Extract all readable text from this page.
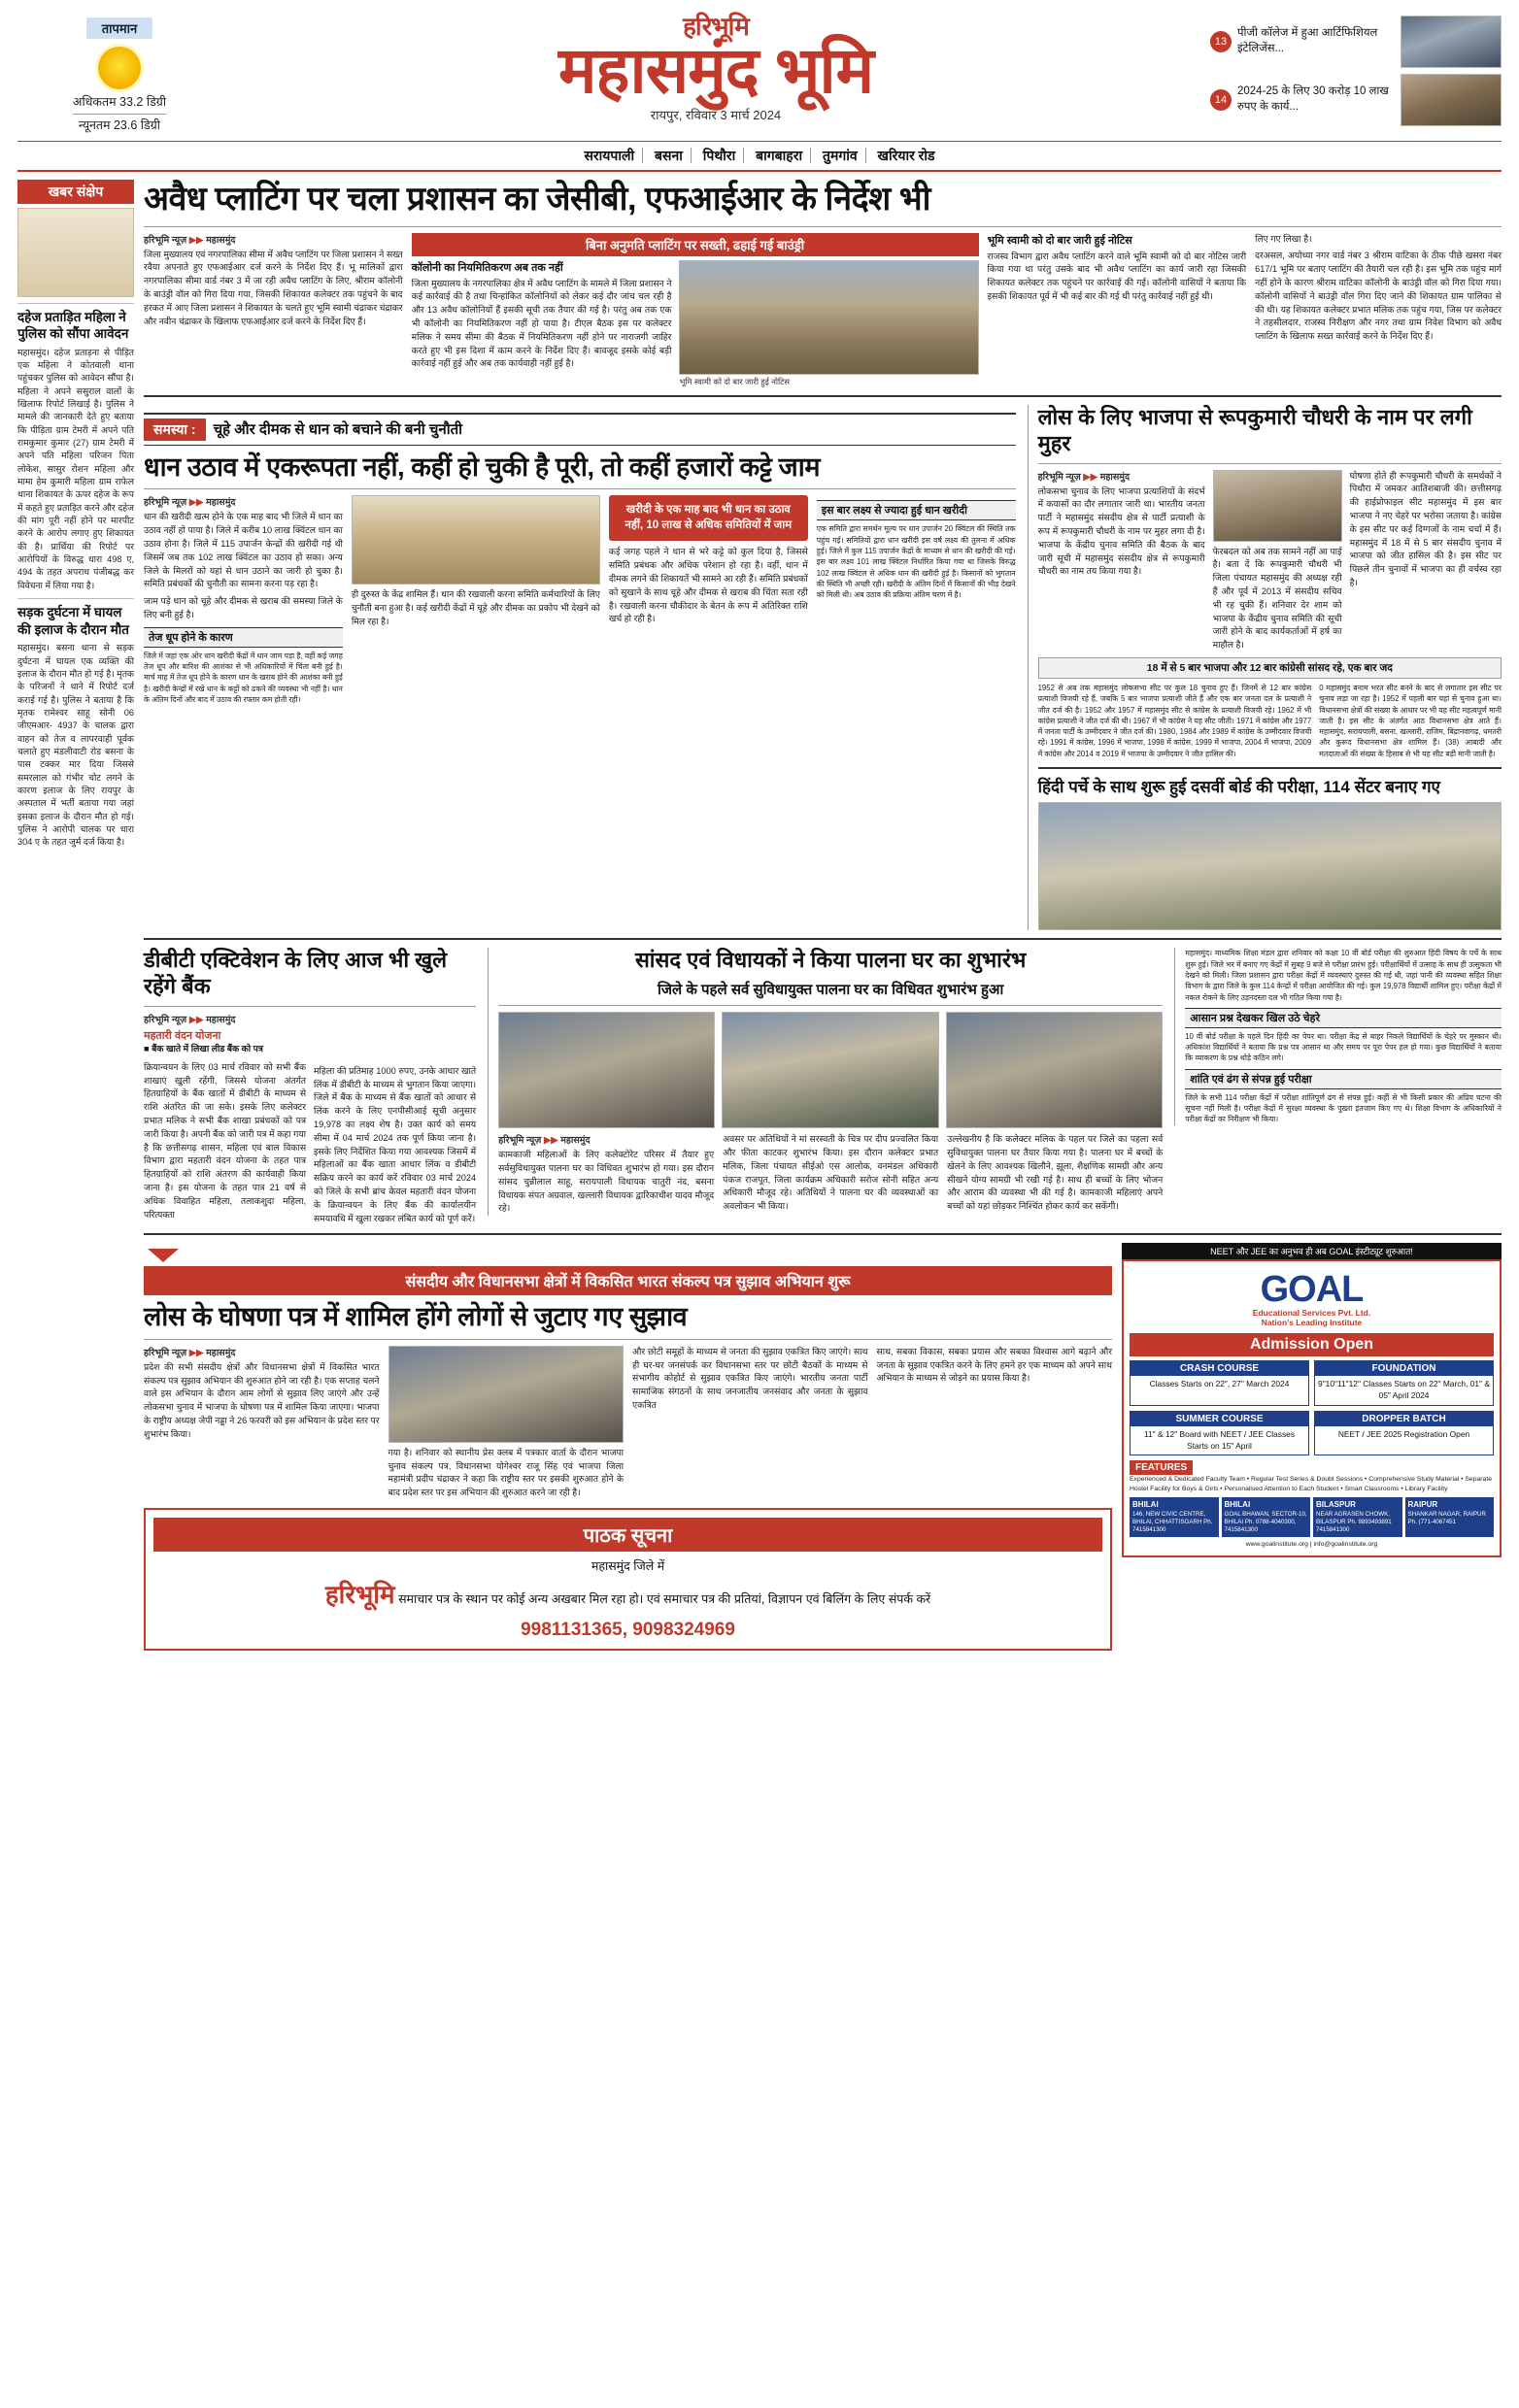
तापमान
अधिकतम 33.2 डिग्री
न्यूनतम 23.6 डिग्री
हरिभूमि
महासमुंद भूमि
रायपुर, रविवार 3 मार्च 2024
13
पीजी कॉलेज में हुआ आर्टिफिशियल इंटेलिजेंस...
14
2024-25 के लिए 30 करोड़ 10 लाख रुपए के कार्य...
सरायपाली बसना पिथौरा बागबाहरा तुमगांव खरियार रोड
खबर संक्षेप
दहेज प्रताड़ित महिला ने पुलिस को सौंपा आवेदन
महासमुंद। दहेज प्रताड़ना से पीड़ित एक महिला ने कोतवाली थाना पहुंचकर पुलिस को आवेदन सौंपा है। महिला ने अपने ससुराल वालों के खिलाफ रिपोर्ट लिखाई है। पुलिस ने मामले की जानकारी देते हुए बताया कि पीड़िता ग्राम टेमरी में अपने पति रामकुमार कुमार (27) ग्राम टेमरी में अपने पति महिला परिजन पिता लोकेश, सासुर रोशन महिला और मामा हेम कुमारी महिला ग्राम राफेल थाना शिकायत के ऊपर दहेज के रूप में कहते हुए प्रताड़ित करने और दहेज की मांग पूरी नहीं होने पर मारपीट करने के आरोप लगाए हुए शिकायत की है। प्रार्थिया की रिपोर्ट पर आरोपियों के विरुद्ध धारा 498 ए, 494 के तहत अपराध पंजीबद्ध कर विवेचना में लिया गया है।
सड़क दुर्घटना में घायल की इलाज के दौरान मौत
महासमुंद। बसना थाना से सड़क दुर्घटना में घायल एक व्यक्ति की इलाज के दौरान मौत हो गई है। मृतक के परिजनों ने थाने में रिपोर्ट दर्ज कराई गई है। पुलिस ने बताया है कि मृतक रामेश्वर साहू सोनी 06 जीएमआर- 4937 के चालक द्वारा वाहन को तेज व लापरवाही पूर्वक चलाते हुए मंडलीवाटी रोड बसना के पास टक्कर मार दिया जिससे समरलाल को गंभीर चोट लगने के कारण इलाज के लिए रायपुर के अस्पताल में भर्ती बताया गया जहां इसका इलाज के दौरान मौत हो गई। पुलिस ने आरोपी चालक पर धारा 304 ए के तहत जुर्म दर्ज किया है।
अवैध प्लाटिंग पर चला प्रशासन का जेसीबी, एफआईआर के निर्देश भी
हरिभूमि न्यूज़ ▶▶ महासमुंद
जिला मुख्यालय एवं नगरपालिका सीमा में अवैध प्लाटिंग पर जिला प्रशासन ने सख्त रवैया अपनाते हुए एफआईआर दर्ज करने के निर्देश दिए हैं। भू मालिकों द्वारा नगरपालिका सीमा वार्ड नंबर 3 में जा रही अवैध प्लाटिंग के लिए, श्रीराम कॉलोनी के बाउंड्री वॉल को गिरा दिया गया, जिसकी शिकायत कलेक्टर तक पहुंचने के बाद हरकत में आए जिला प्रशासन ने शिकायत के चलते हुए भूमि स्वामी चंद्राकर चंद्राकर और नवीन चंद्राकर के खिलाफ एफआईआर दर्ज करने के निर्देश दिए हैं।
बिना अनुमति प्लाटिंग पर सख्ती, ढहाई गई बाउंड्री
कॉलोनी का नियमितिकरण अब तक नहीं
जिला मुख्यालय के नगरपालिका क्षेत्र में अवैध प्लाटिंग के मामले में जिला प्रशासन ने कई कार्रवाई की है तथा चिन्हांकित कॉलोनियों को लेकर कई दौर जांच चल रही है और 13 अवैध कॉलोनियों हैं इसकी सूची तक तैयार की गई है। परंतु अब तक एक भी कॉलोनी का नियमितिकरण नहीं हो पाया है। टीएल बैठक इस पर कलेक्टर मलिक ने समय सीमा की बैठक में नियमितिकरण नहीं होने पर नाराजगी जाहिर करते हुए भी इस दिशा में काम करने के निर्देश दिए हैं। बावजूद इसके कोई बड़ी कार्रवाई नहीं हुई और अब तक कार्यवाही नहीं हुई है।
भूमि स्वामी को दो बार जारी हुई नोटिस
भूमि स्वामी को दो बार जारी हुई नोटिस
राजस्व विभाग द्वारा अवैध प्लाटिंग करने वाले भूमि स्वामी को दो बार नोटिस जारी किया गया था परंतु उसके बाद भी अवैध प्लाटिंग का कार्य जारी रहा जिसकी शिकायत कलेक्टर तक पहुंचने पर कार्रवाई की गई। कॉलोनी वासियों ने बताया कि इसकी शिकायत पूर्व में भी कई बार की गई थी परंतु कार्रवाई नहीं हुई थी।
लिए गए लिखा है।
दरअसल, अयोध्या नगर वार्ड नंबर 3 श्रीराम वाटिका के ठीक पीछे खसरा नंबर 617/1 भूमि पर बताए प्लाटिंग की तैयारी चल रही है। इस भूमि तक पहुंच मार्ग नहीं होने के कारण श्रीराम वाटिका कॉलोनी के बाउंड्री वॉल को गिरा दिया गया। कॉलोनी वासियों ने बाउंड्री वॉल गिरा दिए जाने की शिकायत ग्राम पालिका से की थी। यह शिकायत कलेक्टर प्रभात मलिक तक पहुंच गया, जिस पर कलेक्टर ने तहसीलदार, राजस्व निरीक्षण और नगर तथा ग्राम निवेश विभाग को अवैध प्लाटिंग के खिलाफ सख्त कार्रवाई करने के निर्देश दिए हैं।
समस्या :	चूहे और दीमक से धान को बचाने की बनी चुनौती
धान उठाव में एकरूपता नहीं, कहीं हो चुकी है पूरी, तो कहीं हजारों कट्टे जाम
हरिभूमि न्यूज़ ▶▶ महासमुंद
धान की खरीदी खत्म होने के एक माह बाद भी जिले में धान का उठाव नहीं हो पाया है। जिले में करीब 10 लाख क्विंटल धान का उठाव होना है। जिले में 115 उपार्जन केन्द्रों की खरीदी गई थी जिसमें जब तक 102 लाख क्विंटल का उठाव हो सका। अन्य जिले के मिलरों को यहां से धान उठाने का जारी हो चुका है। समिति प्रबंधकों की चुनौती का सामना करना पड़ रहा है।
जाम पड़े धान को चूहे और दीमक से खराब की समस्या जिले के लिए बनी हुई है।
तेज धूप होने के कारण
जिले में जहां एक ओर धान खरीदी केंद्रों में धान जाम पड़ा है, वहीं कई जगह तेज धूप और बारिश की आशंका से भी अधिकारियों में चिंता बनी हुई है। मार्च माह में तेज धूप होने के कारण धान के खराब होने की आशंका बनी हुई है। खरीदी केन्द्रों में रखे धान के कट्टों को ढकने की व्यवस्था भी नहीं है। धान के अंतिम दिनों और बाद में उठाव की रफ्तार कम होती रही।
ही दुरुस्त के केंद्र शामिल हैं। धान की रखवाली करना समिति कर्मचारियों के लिए चुनौती बना हुआ है। कई खरीदी केंद्रों में चूहे और दीमक का प्रकोप भी देखने को मिल रहा है।
खरीदी के एक माह बाद भी धान का उठाव नहीं, 10 लाख से अधिक समितियों में जाम
कई जगह पहले ने धान से भरे कट्टे को कुल दिया है, जिससे समिति प्रबंधक और अधिक परेशान हो रहा है। वहीं, धान में दीमक लगने की शिकायतें भी सामने आ रही हैं। समिति प्रबंधकों को सुखाने के साथ चूहे और दीमक से खराब की चिंता सता रही है। रखवाली करना चौकीदार के बेतन के रूप में अतिरिक्त राशि खर्च हो रही है।
इस बार लक्ष्य से ज्यादा हुई धान खरीदी
एक समिति द्वारा समर्थन मूल्य पर धान उपार्जन 20 क्विंटल की स्थिति तक पहुंच गई। समितियों द्वारा धान खरीदी इस वर्ष लक्ष्य की तुलना में अधिक हुई। जिले में कुल 115 उपार्जन केंद्रों के माध्यम से धान की खरीदी की गई। इस बार लक्ष्य 101 लाख क्विंटल निर्धारित किया गया था जिसके विरुद्ध 102 लाख क्विंटल से अधिक धान की खरीदी हुई है। किसानों को भुगतान की स्थिति भी अच्छी रही। खरीदी के अंतिम दिनों में किसानों की भीड़ देखने को मिली थी। अब उठाव की प्रक्रिया अंतिम चरण में है।
लोस के लिए भाजपा से रूपकुमारी चौधरी के नाम पर लगी मुहर
हरिभूमि न्यूज़ ▶▶ महासमुंद
लोकसभा चुनाव के लिए भाजपा प्रत्याशियों के संदर्भ में कयासों का दौर लगातार जारी था। भारतीय जनता पार्टी ने महासमुंद संसदीय क्षेत्र से पार्टी प्रत्याशी के रूप में रूपकुमारी चौधरी के नाम पर मुहर लगा दी है। भाजपा के केंद्रीय चुनाव समिति की बैठक के बाद जारी सूची में महासमुंद संसदीय क्षेत्र से रूपकुमारी चौधरी का नाम तय किया गया है।
फेरबदल को अब तक सामने नहीं आ पाई है। बता दें कि रूपकुमारी चौधरी भी जिला पंचायत महासमुंद की अध्यक्ष रही हैं और पूर्व में 2013 में संसदीय सचिव भी रह चुकी हैं। शनिवार देर शाम को भाजपा के केंद्रीय चुनाव समिति की सूची जारी होने के बाद कार्यकर्ताओं में हर्ष का माहौल है।
घोषणा होते ही रूपकुमारी चौधरी के समर्थकों ने पिथौरा में जमकर आतिशबाजी की। छत्तीसगढ़ की हाईप्रोफाइल सीट महासमुंद में इस बार भाजपा ने नए चेहरे पर भरोसा जताया है। कांग्रेस के इस सीट पर कई दिग्गजों के नाम चर्चा में हैं। महासमुंद में 18 में से 5 बार संसदीय चुनाव में भाजपा को जीत हासिल की है। इस सीट पर पिछले तीन चुनावों में भाजपा का ही वर्चस्व रहा है।
18 में से 5 बार भाजपा और 12 बार कांग्रेसी सांसद रहे, एक बार जद
1952 से अब तक महासमुंद लोकसभा सीट पर कुल 18 चुनाव हुए हैं। जिनमें से 12 बार कांग्रेस प्रत्याशी विजयी रहे हैं, जबकि 5 बार भाजपा प्रत्याशी जीते हैं और एक बार जनता दल के प्रत्याशी ने जीत दर्ज की है। 1952 और 1957 में महासमुंद सीट से कांग्रेस के प्रत्याशी विजयी रहे। 1962 में भी कांग्रेस प्रत्याशी ने जीत दर्ज की थी। 1967 में भी कांग्रेस ने यह सीट जीती। 1971 में कांग्रेस और 1977 में जनता पार्टी के उम्मीदवार ने जीत दर्ज की। 1980, 1984 और 1989 में कांग्रेस के उम्मीदवार विजयी रहे। 1991 में कांग्रेस, 1996 में भाजपा, 1998 में कांग्रेस, 1999 में भाजपा, 2004 में भाजपा, 2009 में कांग्रेस और 2014 व 2019 में भाजपा के उम्मीदवार ने जीत हासिल की।
0 महासमुंद बनाम भरत सीट बनने के बाद से लगातार इस सीट पर चुनाव लड़ा जा रहा है। 1952 में पहली बार यहां से चुनाव हुआ था। विधानसभा क्षेत्रों की संख्या के आधार पर भी यह सीट महत्वपूर्ण मानी जाती है। इस सीट के अंतर्गत आठ विधानसभा क्षेत्र आते हैं। महासमुंद, सरायपाली, बसना, खल्लारी, राजिम, बिंद्रानवागढ़, धमतरी और कुरूद विधानसभा क्षेत्र शामिल हैं। (38) आबादी और मतदाताओं की संख्या के हिसाब से भी यह सीट बड़ी मानी जाती है।
हिंदी पर्चे के साथ शुरू हुई दसवीं बोर्ड की परीक्षा, 114 सेंटर बनाए गए
डीबीटी एक्टिवेशन के लिए आज भी खुले रहेंगे बैंक
हरिभूमि न्यूज़ ▶▶ महासमुंद
महतारी वंदन योजना
■ बैंक खाते में लिखा लीड बैंक को पत्र
क्रियान्वयन के लिए 03 मार्च रविवार को सभी बैंक शाखाएं खुली रहेंगी, जिससे योजना अंतर्गत हितग्राहियों के बैंक खातों में डीबीटी के माध्यम से राशि अंतरित की जा सके। इसके लिए कलेक्टर प्रभात मलिक ने सभी बैंक शाखा प्रबंधकों को पत्र जारी किया है। अपनी बैंक को जारी पत्र में कहा गया है कि छत्तीसगढ़ शासन, महिला एवं बाल विकास विभाग द्वारा महतारी वंदन योजना के तहत पात्र हितग्राहियों को राशि अंतरण की कार्यवाही किया जाना है। इस योजना के तहत पात्र 21 वर्ष से अधिक विवाहित महिला, तलाकशुदा महिला, परित्यक्ता
महिला की प्रतिमाह 1000 रुपए, उनके आधार खाते लिंक में डीबीटी के माध्यम से भुगतान किया जाएगा। जिले में बैंक के माध्यम से बैंक खातों को आधार से लिंक करने के लिए एनपीसीआई सूची अनुसार 19,978 का लक्ष्य शेष है। उक्त कार्य को समय सीमा में 04 मार्च 2024 तक पूर्ण किया जाना है। इसके लिए निर्देशित किया गया आवश्यक जिसमें में महिलाओं का बैंक खाता आधार लिंक व डीबीटी सक्रिय करने का कार्य करें रविवार 03 मार्च 2024 को जिले के सभी ब्रांच केवल महतारी वंदन योजना के क्रियान्वयन के लिए बैंक की कार्यालयीन समयावधि में खुला रखकर लंबित कार्य को पूर्ण करें।
सांसद एवं विधायकों ने किया पालना घर का शुभारंभ
जिले के पहले सर्व सुविधायुक्त पालना घर का विधिवत शुभारंभ हुआ
हरिभूमि न्यूज़ ▶▶ महासमुंद
कामकाजी महिलाओं के लिए कलेक्टोरेट परिसर में तैयार हुए सर्वसुविधायुक्त पालना घर का विधिवत शुभारंभ हो गया। इस दौरान सांसद चुन्नीलाल साहू, सरायपाली विधायक चातुरी नंद, बसना विधायक संपत अग्रवाल, खल्लारी विधायक द्वारिकाधीश यादव मौजूद रहे।
अवसर पर अतिथियों ने मां सरस्वती के चित्र पर दीप प्रज्वलित किया और फीता काटकर शुभारंभ किया। इस दौरान कलेक्टर प्रभात मलिक, जिला पंचायत सीईओ एस आलोक, वनमंडल अधिकारी पंकज राजपूत, जिला कार्यक्रम अधिकारी सरोज सोनी सहित अन्य अधिकारी मौजूद रहे। अतिथियों ने पालना घर की व्यवस्थाओं का अवलोकन भी किया।
उल्लेखनीय है कि कलेक्टर मलिक के पहल पर जिले का पहला सर्व सुविधायुक्त पालना घर तैयार किया गया है। पालना घर में बच्चों के खेलने के लिए आवश्यक खिलौने, झूला, शैक्षणिक सामग्री और अन्य सीखने योग्य सामग्री भी रखी गई है। साथ ही बच्चों के लिए भोजन और आराम की व्यवस्था भी की गई है। कामकाजी महिलाएं अपने बच्चों को यहां छोड़कर निश्चिंत होकर कार्य कर सकेंगी।
महासमुंद। माध्यमिक शिक्षा मंडल द्वारा शनिवार को कक्षा 10 वीं बोर्ड परीक्षा की शुरुआत हिंदी विषय के पर्चे के साथ शुरू हुई। जिले भर में बनाए गए केंद्रों में सुबह 9 बजे से परीक्षा प्रारंभ हुई। परीक्षार्थियों में उत्साह के साथ ही उत्सुकता भी देखने को मिली। जिला प्रशासन द्वारा परीक्षा केंद्रों में व्यवस्थाएं दुरुस्त की गई थी, जहां पानी की व्यवस्था सहित शिक्षा विभाग के द्वारा जिले के कुल 114 केन्द्रों में परीक्षा आयोजित की गई। कुल 19,978 विद्यार्थी शामिल हुए। परीक्षा केंद्रों में नकल रोकने के लिए उड़नदस्ता दल भी गठित किया गया है।
आसान प्रश्न देखकर खिल उठे चेहरे
10 वीं बोर्ड परीक्षा के पहले दिन हिंदी का पेपर था। परीक्षा केंद्र से बाहर निकले विद्यार्थियों के चेहरे पर मुस्कान थी। अधिकांश विद्यार्थियों ने बताया कि प्रश्न पत्र आसान था और समय पर पूरा पेपर हल हो गया। कुछ विद्यार्थियों ने बताया कि व्याकरण के प्रश्न थोड़े कठिन लगे।
शांति एवं ढंग से संपन्न हुई परीक्षा
जिले के सभी 114 परीक्षा केंद्रों में परीक्षा शांतिपूर्ण ढंग से संपन्न हुई। कहीं से भी किसी प्रकार की अप्रिय घटना की सूचना नहीं मिली है। परीक्षा केंद्रों में सुरक्षा व्यवस्था के पुख्ता इंतजाम किए गए थे। शिक्षा विभाग के अधिकारियों ने परीक्षा केंद्रों का निरीक्षण भी किया।
संसदीय और विधानसभा क्षेत्रों में विकसित भारत संकल्प पत्र सुझाव अभियान शुरू
लोस के घोषणा पत्र में शामिल होंगे लोगों से जुटाए गए सुझाव
हरिभूमि न्यूज़ ▶▶ महासमुंद
प्रदेश की सभी संसदीय क्षेत्रों और विधानसभा क्षेत्रों में विकसित भारत संकल्प पत्र सुझाव अभियान की शुरुआत होने जा रही है। एक सप्ताह चलने वाले इस अभियान के दौरान आम लोगों से सुझाव लिए जाएंगे और उन्हें लोकसभा चुनाव में भाजपा के घोषणा पत्र में शामिल किया जाएगा। भाजपा के राष्ट्रीय अध्यक्ष जेपी नड्डा ने 26 फरवरी को इस अभियान के प्रदेश स्तर पर शुभारंभ किया।
गया है। शनिवार को स्थानीय प्रेस क्लब में पत्रकार वार्ता के दौरान भाजपा चुनाव संकल्प पत्र, विधानसभा योगेश्वर राजू सिंह एवं भाजपा जिला महामंत्री प्रदीप चंद्राकर ने कहा कि राष्ट्रीय स्तर पर इसकी शुरुआत होने के बाद प्रदेश स्तर पर इस अभियान की शुरुआत करने जा रही है।
और छोटी समूहों के माध्यम से जनता की सुझाव एकत्रित किए जाएंगे। साथ ही घर-घर जनसंपर्क कर विधानसभा स्तर पर छोटी बैठकों के माध्यम से संभागीय कोहोर्ट से सुझाव एकत्रित किए जाएंगे। भारतीय जनता पार्टी सामाजिक संगठनों के साथ जनजातीय जनसंवाद और जनता के सुझाव एकत्रित
साथ, सबका विकास, सबका प्रयास और सबका विश्वास आगे बढ़ाने और जनता के सुझाव एकत्रित करने के लिए हमने हर एक माध्यम को अपने साथ अभियान के माध्यम से जोड़ने का प्रयास किया है।
पाठक सूचना
महासमुंद जिले में
हरिभूमि समाचार पत्र के स्थान पर कोई अन्य अखबार मिल रहा हो। एवं समाचार पत्र की प्रतियां, विज्ञापन एवं बिलिंग के लिए संपर्क करें
9981131365, 9098324969
NEET और JEE का अनुभव ही अब GOAL इंस्टीट्यूट शुरुआत!
GOAL
Educational Services Pvt. Ltd.
Nation's Leading Institute
Admission Open
CRASH COURSE
Classes Starts on 22", 27" March 2024
FOUNDATION
9"10"11"12" Classes Starts on 22" March, 01" & 05" April 2024
SUMMER COURSE
11" & 12" Board with NEET / JEE Classes Starts on 15" April
DROPPER BATCH
NEET / JEE 2025 Registration Open
FEATURES
Experienced & Dedicated Faculty Team • Regular Test Series & Doubt Sessions • Comprehensive Study Material • Separate Hostel Facility for Boys & Girls • Personalised Attention to Each Student • Smart Classrooms • Library Facility
BHILAI
146, NEW CIVIC CENTRE, BHILAI, CHHATTISGARH Ph. 7415841300
BHILAI
GOAL BHAWAN, SECTOR-10, BHILAI Ph. 0788-4040300, 7415841300
BILASPUR
NEAR AGRASEN CHOWK, BILASPUR Ph. 9893493891 7415841300
RAIPUR
SHANKAR NAGAR, RAIPUR Ph. (771-4067451
www.goalinstitute.org | info@goalinstitute.org
